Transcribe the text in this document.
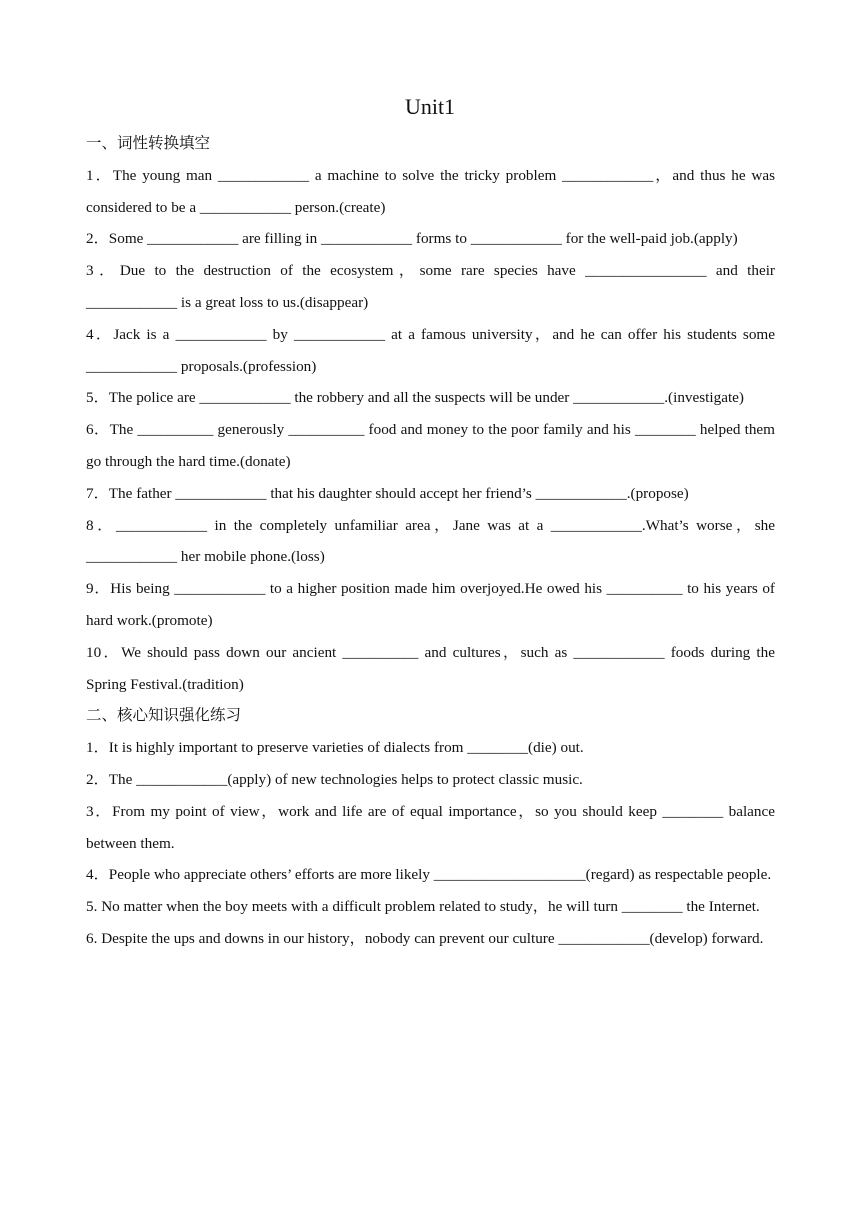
Unit1

一、词性转换填空

1．The young man ____________ a machine to solve the tricky problem ____________，and thus he was considered to be a ____________ person.(create)

2．Some ____________ are filling in ____________ forms to ____________ for the well-paid job.(apply)

3．Due to the destruction of the ecosystem，some rare species have ________________ and their ____________ is a great loss to us.(disappear)

4．Jack is a ____________ by ____________ at a famous university，and he can offer his students some ____________ proposals.(profession)

5．The police are ____________ the robbery and all the suspects will be under ____________.(investigate)

6．The __________ generously __________ food and money to the poor family and his ________ helped them go through the hard time.(donate)

7．The father ____________ that his daughter should accept her friend’s ____________.(propose)

8．____________ in the completely unfamiliar area，Jane was at a ____________.What’s worse，she ____________ her mobile phone.(loss)

9．His being ____________ to a higher position made him overjoyed.He owed his __________ to his years of hard work.(promote)

10．We should pass down our ancient __________ and cultures，such as ____________ foods during the Spring Festival.(tradition)

二、核心知识强化练习

1．It is highly important to preserve varieties of dialects from ________(die) out.

2．The ____________(apply) of new technologies helps to protect classic music.

3．From my point of view，work and life are of equal importance，so you should keep ________ balance between them.

4．People who appreciate others’ efforts are more likely ____________________(regard) as respectable people.

5. No matter when the boy meets with a difficult problem related to study，he will turn ________ the Internet.

6. Despite the ups and downs in our history，nobody can prevent our culture ____________(develop) forward.
